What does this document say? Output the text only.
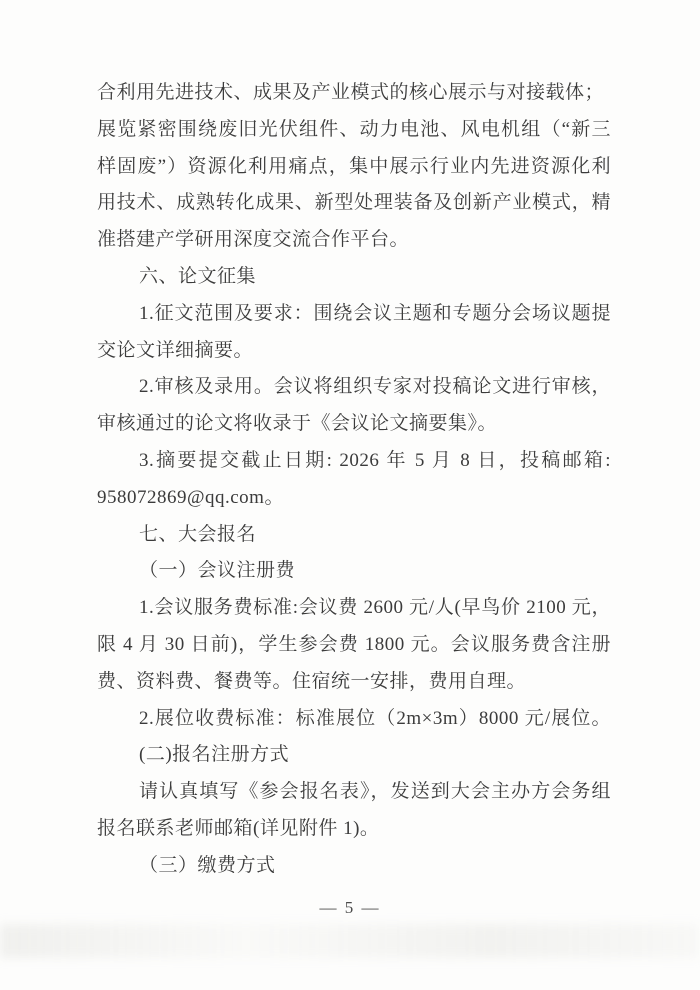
合利用先进技术、成果及产业模式的核心展示与对接载体；
展览紧密围绕废旧光伏组件、动力电池、风电机组（“新三
样固废”）资源化利用痛点，集中展示行业内先进资源化利
用技术、成熟转化成果、新型处理装备及创新产业模式，精
准搭建产学研用深度交流合作平台。
六、论文征集
1.征文范围及要求：围绕会议主题和专题分会场议题提
交论文详细摘要。
2.审核及录用。会议将组织专家对投稿论文进行审核，
审核通过的论文将收录于《会议论文摘要集》。
3.摘要提交截止日期: 2026 年 5 月 8 日，投稿邮箱:
958072869@qq.com。
七、大会报名
（一）会议注册费
1.会议服务费标准:会议费 2600 元/人(早鸟价 2100 元，
限 4 月 30 日前)，学生参会费 1800 元。会议服务费含注册
费、资料费、餐费等。住宿统一安排，费用自理。
2.展位收费标准：标准展位（2m×3m）8000 元/展位。
(二)报名注册方式
请认真填写《参会报名表》，发送到大会主办方会务组
报名联系老师邮箱(详见附件 1)。
（三）缴费方式
— 5 —
